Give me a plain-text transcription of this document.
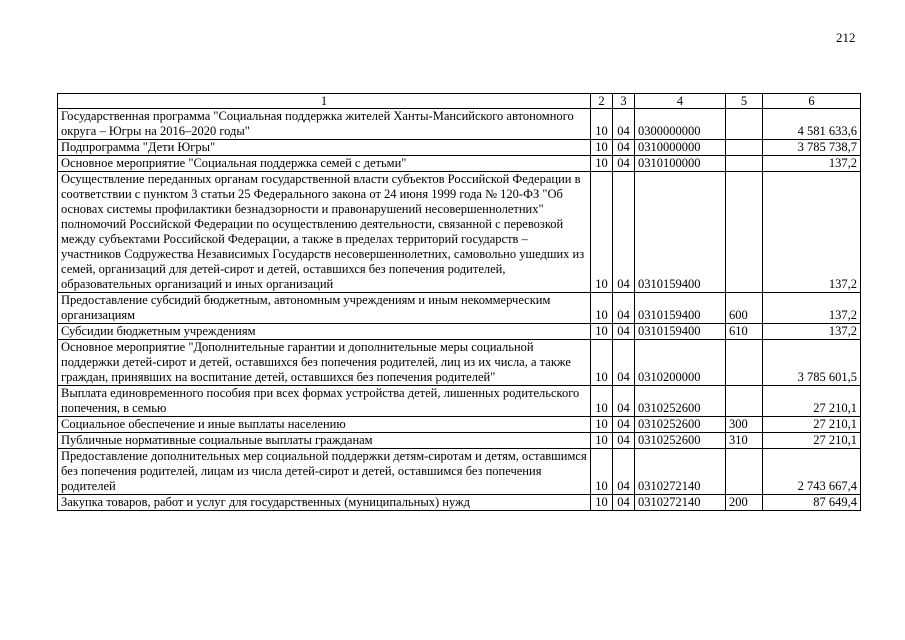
212
1	2	3	4	5	6
Государственная программа "Социальная поддержка жителей Ханты-Мансийского автономного округа – Югры на 2016–2020 годы"	10	04	0300000000		4 581 633,6
Подпрограмма "Дети Югры"	10	04	0310000000		3 785 738,7
Основное мероприятие "Социальная поддержка семей с детьми"	10	04	0310100000		137,2
Осуществление переданных органам государственной власти субъектов Российской Федерации в соответствии с пунктом 3 статьи 25 Федерального закона от 24 июня 1999 года № 120-ФЗ "Об основах системы профилактики безнадзорности и правонарушений несовершеннолетних" полномочий Российской Федерации по осуществлению деятельности, связанной с перевозкой между субъектами Российской Федерации, а также в пределах территорий государств – участников Содружества Независимых Государств несовершеннолетних, самовольно ушедших из семей, организаций для детей-сирот и детей, оставшихся без попечения родителей, образовательных организаций и иных организаций	10	04	0310159400		137,2
Предоставление субсидий бюджетным, автономным учреждениям и иным некоммерческим организациям	10	04	0310159400	600	137,2
Субсидии бюджетным учреждениям	10	04	0310159400	610	137,2
Основное мероприятие "Дополнительные гарантии и дополнительные меры социальной поддержки детей-сирот и детей, оставшихся без попечения родителей, лиц из их числа, а также граждан, принявших на воспитание детей, оставшихся без попечения родителей"	10	04	0310200000		3 785 601,5
Выплата единовременного пособия при всех формах устройства детей, лишенных родительского попечения, в семью	10	04	0310252600		27 210,1
Социальное обеспечение и иные выплаты населению	10	04	0310252600	300	27 210,1
Публичные нормативные социальные выплаты гражданам	10	04	0310252600	310	27 210,1
Предоставление дополнительных мер социальной поддержки детям-сиротам и детям, оставшимся без попечения родителей, лицам из числа детей-сирот и детей, оставшимся без попечения родителей	10	04	0310272140		2 743 667,4
Закупка товаров, работ и услуг для государственных (муниципальных) нужд	10	04	0310272140	200	87 649,4
